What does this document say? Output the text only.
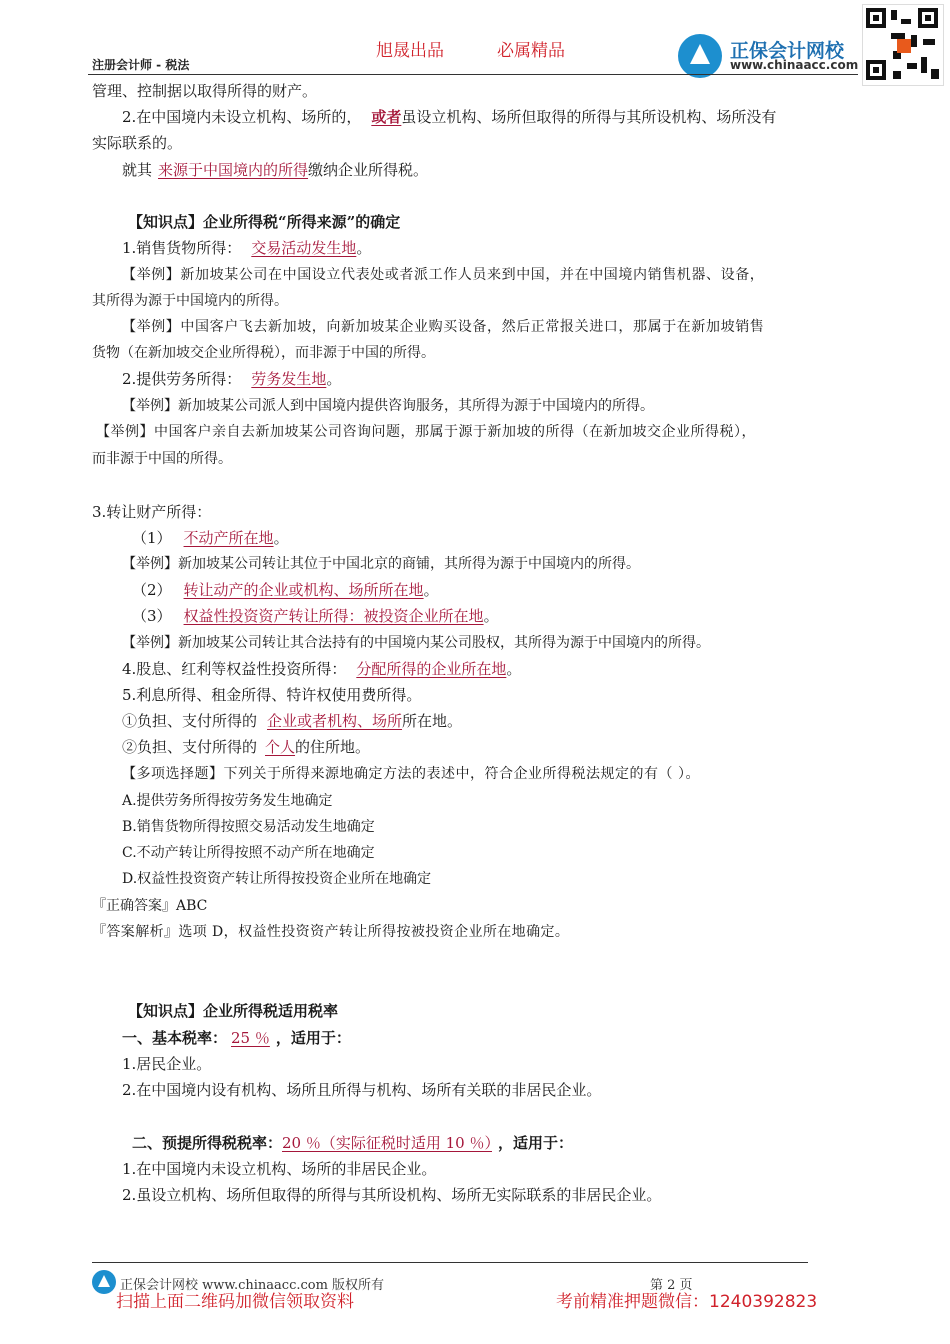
旭晟出品	必属精品
注册会计师 - 税法
正保会计网校
www.chinaacc.com
管理、控制据以取得所得的财产。
2.在中国境内未设立机构、场所的， 或者虽设立机构、场所但取得的所得与其所设机构、场所没有
实际联系的。
就其 来源于中国境内的所得缴纳企业所得税。
【知识点】企业所得税“所得来源”的确定
1.销售货物所得： 交易活动发生地。
【举例】新加坡某公司在中国设立代表处或者派工作人员来到中国，并在中国境内销售机器、设备，
其所得为源于中国境内的所得。
【举例】中国客户飞去新加坡，向新加坡某企业购买设备，然后正常报关进口，那属于在新加坡销售
货物（在新加坡交企业所得税），而非源于中国的所得。
2.提供劳务所得： 劳务发生地。
【举例】新加坡某公司派人到中国境内提供咨询服务，其所得为源于中国境内的所得。
【举例】中国客户亲自去新加坡某公司咨询问题，那属于源于新加坡的所得（在新加坡交企业所得税），
而非源于中国的所得。
3.转让财产所得：
（1） 不动产所在地。
【举例】新加坡某公司转让其位于中国北京的商铺，其所得为源于中国境内的所得。
（2） 转让动产的企业或机构、场所所在地。
（3） 权益性投资资产转让所得：被投资企业所在地。
【举例】新加坡某公司转让其合法持有的中国境内某公司股权，其所得为源于中国境内的所得。
4.股息、红利等权益性投资所得： 分配所得的企业所在地。
5.利息所得、租金所得、特许权使用费所得。
①负担、支付所得的 企业或者机构、场所所在地。
②负担、支付所得的 个人的住所地。
【多项选择题】下列关于所得来源地确定方法的表述中，符合企业所得税法规定的有（ ）。
A.提供劳务所得按劳务发生地确定
B.销售货物所得按照交易活动发生地确定
C.不动产转让所得按照不动产所在地确定
D.权益性投资资产转让所得按投资企业所在地确定
『正确答案』ABC
『答案解析』选项 D，权益性投资资产转让所得按被投资企业所在地确定。
【知识点】企业所得税适用税率
一、基本税率： 25 ％ ，适用于：
1.居民企业。
2.在中国境内设有机构、场所且所得与机构、场所有关联的非居民企业。
二、预提所得税税率：20 ％（实际征税时适用 10 ％） ，适用于：
1.在中国境内未设立机构、场所的非居民企业。
2.虽设立机构、场所但取得的所得与其所设机构、场所无实际联系的非居民企业。
正保会计网校 www.chinaacc.com 版权所有	第 2 页
扫描上面二维码加微信领取资料	考前精准押题微信：1240392823
